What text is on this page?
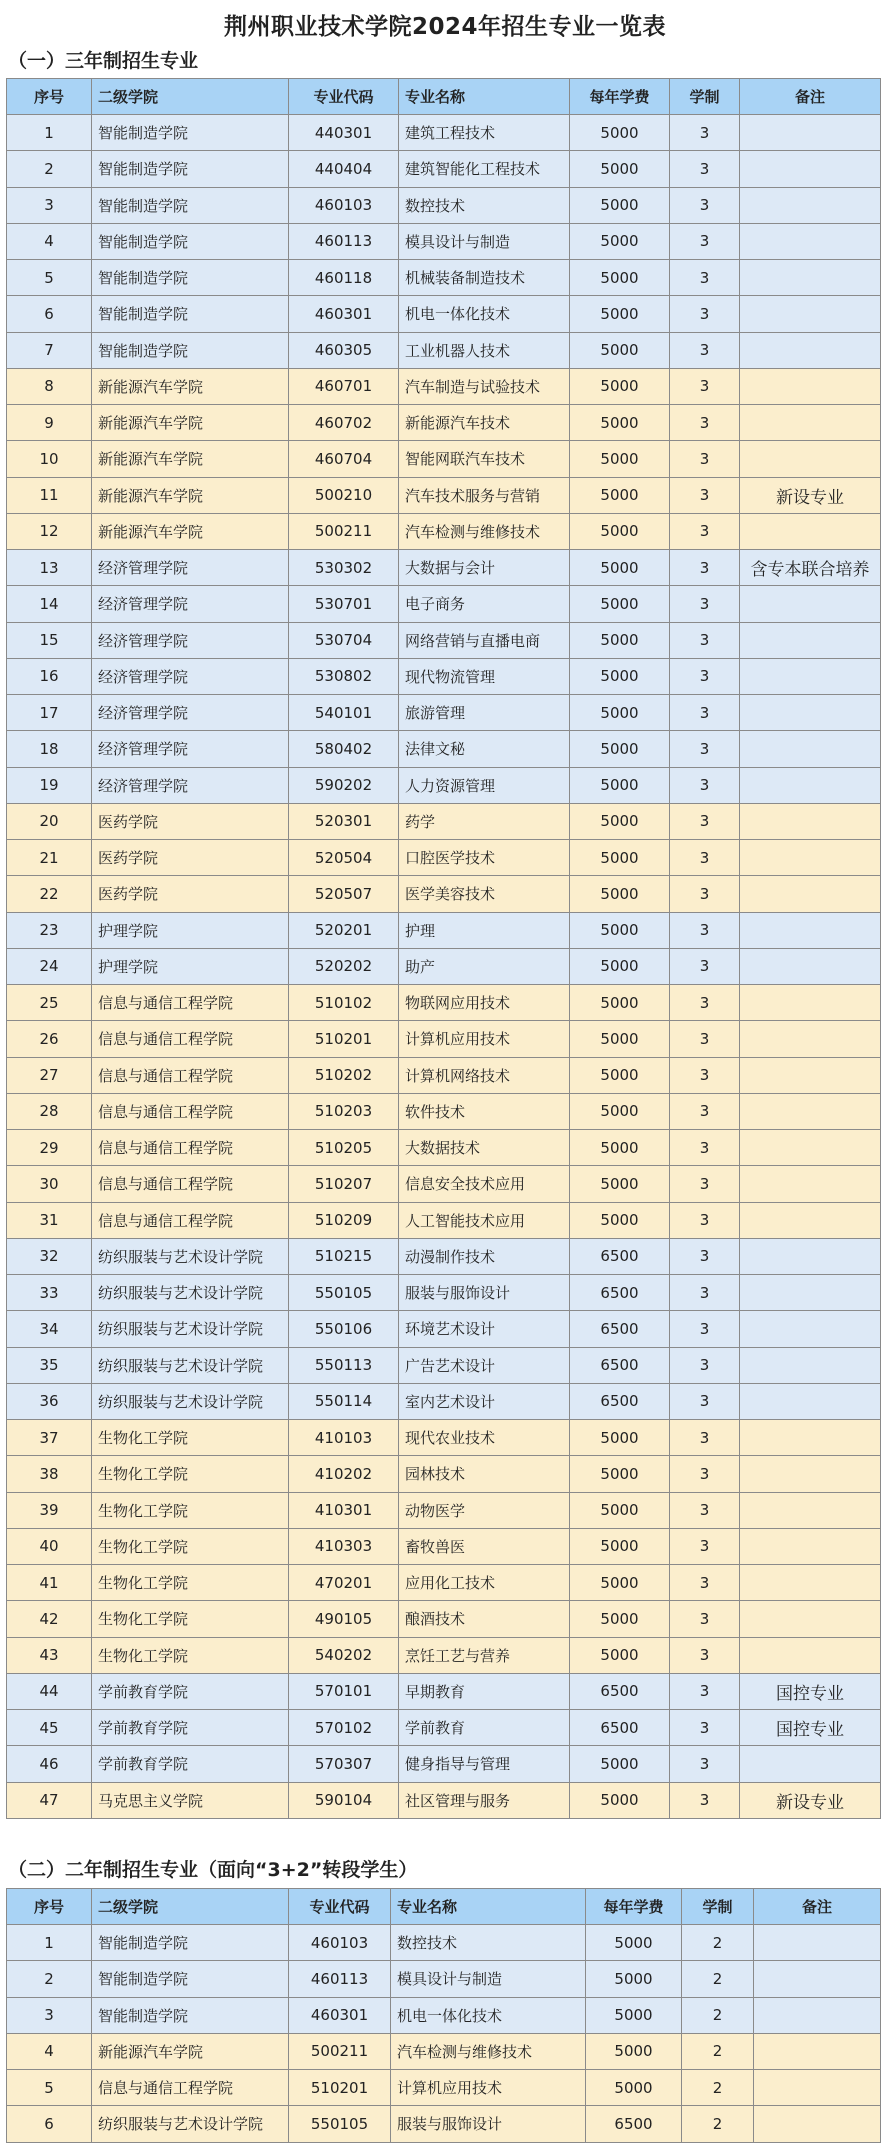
荆州职业技术学院2024年招生专业一览表
（一）三年制招生专业
序号	二级学院	专业代码	专业名称	每年学费	学制	备注
1	智能制造学院	440301	建筑工程技术	5000	3	
2	智能制造学院	440404	建筑智能化工程技术	5000	3	
3	智能制造学院	460103	数控技术	5000	3	
4	智能制造学院	460113	模具设计与制造	5000	3	
5	智能制造学院	460118	机械装备制造技术	5000	3	
6	智能制造学院	460301	机电一体化技术	5000	3	
7	智能制造学院	460305	工业机器人技术	5000	3	
8	新能源汽车学院	460701	汽车制造与试验技术	5000	3	
9	新能源汽车学院	460702	新能源汽车技术	5000	3	
10	新能源汽车学院	460704	智能网联汽车技术	5000	3	
11	新能源汽车学院	500210	汽车技术服务与营销	5000	3	新设专业
12	新能源汽车学院	500211	汽车检测与维修技术	5000	3	
13	经济管理学院	530302	大数据与会计	5000	3	含专本联合培养
14	经济管理学院	530701	电子商务	5000	3	
15	经济管理学院	530704	网络营销与直播电商	5000	3	
16	经济管理学院	530802	现代物流管理	5000	3	
17	经济管理学院	540101	旅游管理	5000	3	
18	经济管理学院	580402	法律文秘	5000	3	
19	经济管理学院	590202	人力资源管理	5000	3	
20	医药学院	520301	药学	5000	3	
21	医药学院	520504	口腔医学技术	5000	3	
22	医药学院	520507	医学美容技术	5000	3	
23	护理学院	520201	护理	5000	3	
24	护理学院	520202	助产	5000	3	
25	信息与通信工程学院	510102	物联网应用技术	5000	3	
26	信息与通信工程学院	510201	计算机应用技术	5000	3	
27	信息与通信工程学院	510202	计算机网络技术	5000	3	
28	信息与通信工程学院	510203	软件技术	5000	3	
29	信息与通信工程学院	510205	大数据技术	5000	3	
30	信息与通信工程学院	510207	信息安全技术应用	5000	3	
31	信息与通信工程学院	510209	人工智能技术应用	5000	3	
32	纺织服装与艺术设计学院	510215	动漫制作技术	6500	3	
33	纺织服装与艺术设计学院	550105	服装与服饰设计	6500	3	
34	纺织服装与艺术设计学院	550106	环境艺术设计	6500	3	
35	纺织服装与艺术设计学院	550113	广告艺术设计	6500	3	
36	纺织服装与艺术设计学院	550114	室内艺术设计	6500	3	
37	生物化工学院	410103	现代农业技术	5000	3	
38	生物化工学院	410202	园林技术	5000	3	
39	生物化工学院	410301	动物医学	5000	3	
40	生物化工学院	410303	畜牧兽医	5000	3	
41	生物化工学院	470201	应用化工技术	5000	3	
42	生物化工学院	490105	酿酒技术	5000	3	
43	生物化工学院	540202	烹饪工艺与营养	5000	3	
44	学前教育学院	570101	早期教育	6500	3	国控专业
45	学前教育学院	570102	学前教育	6500	3	国控专业
46	学前教育学院	570307	健身指导与管理	5000	3	
47	马克思主义学院	590104	社区管理与服务	5000	3	新设专业
（二）二年制招生专业（面向“3+2”转段学生）
序号	二级学院	专业代码	专业名称	每年学费	学制	备注
1	智能制造学院	460103	数控技术	5000	2	
2	智能制造学院	460113	模具设计与制造	5000	2	
3	智能制造学院	460301	机电一体化技术	5000	2	
4	新能源汽车学院	500211	汽车检测与维修技术	5000	2	
5	信息与通信工程学院	510201	计算机应用技术	5000	2	
6	纺织服装与艺术设计学院	550105	服装与服饰设计	6500	2	
